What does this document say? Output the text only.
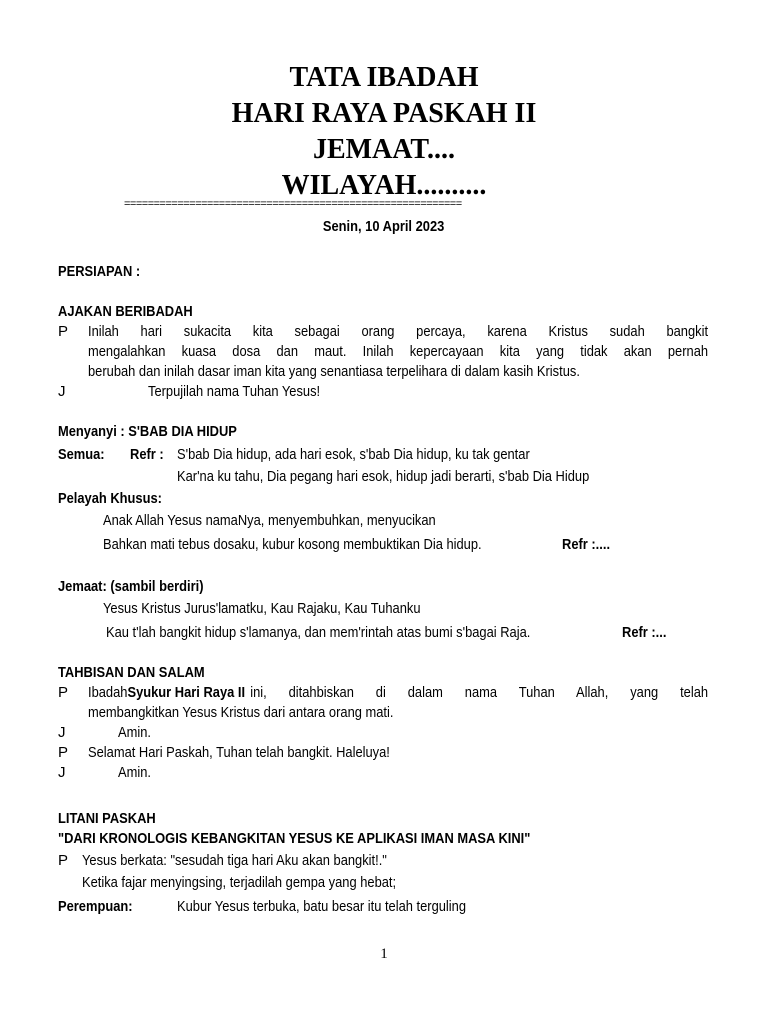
TATA IBADAH
HARI RAYA PASKAH II
JEMAAT....
WILAYAH..........
=========================================================
Senin, 10 April 2023
PERSIAPAN :
AJAKAN BERIBADAH
P Inilah hari sukacita kita sebagai orang percaya, karena Kristus sudah bangkit
mengalahkan kuasa dosa dan maut. Inilah kepercayaan kita yang tidak akan pernah
berubah dan inilah dasar iman kita yang senantiasa terpelihara di dalam kasih Kristus.
J	Terpujilah nama Tuhan Yesus!
Menyanyi : S'BAB DIA HIDUP
Semua:	Refr : S'bab Dia hidup, ada hari esok, s'bab Dia hidup, ku tak gentar
Kar'na ku tahu, Dia pegang hari esok, hidup jadi berarti, s'bab Dia Hidup
Pelayah Khusus:
Anak Allah Yesus namaNya, menyembuhkan, menyucikan
Bahkan mati tebus dosaku, kubur kosong membuktikan Dia hidup.	Refr :....
Jemaat: (sambil berdiri)
Yesus Kristus Jurus'lamatku, Kau Rajaku, Kau Tuhanku
Kau t'lah bangkit hidup s'lamanya, dan mem'rintah atas bumi s'bagai Raja.	Refr :...
TAHBISAN DAN SALAM
P Ibadah Syukur Hari Raya II ini, ditahbiskan di dalam nama Tuhan Allah, yang telah
membangkitkan Yesus Kristus dari antara orang mati.
J	Amin.
P Selamat Hari Paskah, Tuhan telah bangkit. Haleluya!
J	Amin.
LITANI PASKAH
"DARI KRONOLOGIS KEBANGKITAN YESUS KE APLIKASI IMAN MASA KINI"
P Yesus berkata: "sesudah tiga hari Aku akan bangkit!."
Ketika fajar menyingsing, terjadilah gempa yang hebat;
Perempuan:	Kubur Yesus terbuka, batu besar itu telah terguling
1
